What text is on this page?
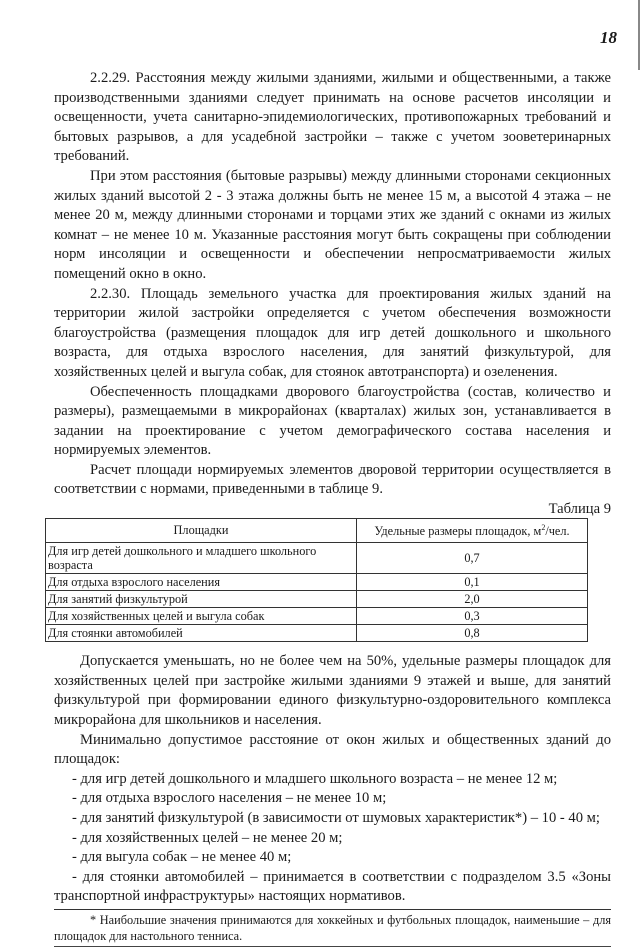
18

2.2.29. Расстояния между жилыми зданиями, жилыми и общественными, а также производственными зданиями следует принимать на основе расчетов инсоляции и освещенности, учета санитарно-эпидемиологических, противопожарных требований и бытовых разрывов, а для усадебной застройки – также с учетом зооветеринарных требований.

При этом расстояния (бытовые разрывы) между длинными сторонами секционных жилых зданий высотой 2 - 3 этажа должны быть не менее 15 м, а высотой 4 этажа – не менее 20 м, между длинными сторонами и торцами этих же зданий с окнами из жилых комнат – не менее 10 м. Указанные расстояния могут быть сокращены при соблюдении норм инсоляции и освещенности и обеспечении непросматриваемости жилых помещений окно в окно.

2.2.30. Площадь земельного участка для проектирования жилых зданий на территории жилой застройки определяется с учетом обеспечения возможности благоустройства (размещения площадок для игр детей дошкольного и школьного возраста, для отдыха взрослого населения, для занятий физкультурой, для хозяйственных целей и выгула собак, для стоянок автотранспорта) и озеленения.

Обеспеченность площадками дворового благоустройства (состав, количество и размеры), размещаемыми в микрорайонах (кварталах) жилых зон, устанавливается в задании на проектирование с учетом демографического состава населения и нормируемых элементов.

Расчет площади нормируемых элементов дворовой территории осуществляется в соответствии с нормами, приведенными в таблице 9.

Таблица 9
Площадки	Удельные размеры площадок, $м^2$/чел.
Для игр детей дошкольного и младшего школьного возраста	0,7
Для отдыха взрослого населения	0,1
Для занятий физкультурой	2,0
Для хозяйственных целей и выгула собак	0,3
Для стоянки автомобилей	0,8

Допускается уменьшать, но не более чем на 50%, удельные размеры площадок для хозяйственных целей при застройке жилыми зданиями 9 этажей и выше, для занятий физкультурой при формировании единого физкультурно-оздоровительного комплекса микрорайона для школьников и населения.

Минимально допустимое расстояние от окон жилых и общественных зданий до площадок:

- для игр детей дошкольного и младшего школьного возраста – не менее 12 м;
- для отдыха взрослого населения – не менее 10 м;
- для занятий физкультурой (в зависимости от шумовых характеристик*) – 10 - 40 м;
- для хозяйственных целей – не менее 20 м;
- для выгула собак – не менее 40 м;
- для стоянки автомобилей – принимается в соответствии с подразделом 3.5 «Зоны транспортной инфраструктуры» настоящих нормативов.

* Наибольшие значения принимаются для хоккейных и футбольных площадок, наименьшие – для площадок для настольного тенниса.
